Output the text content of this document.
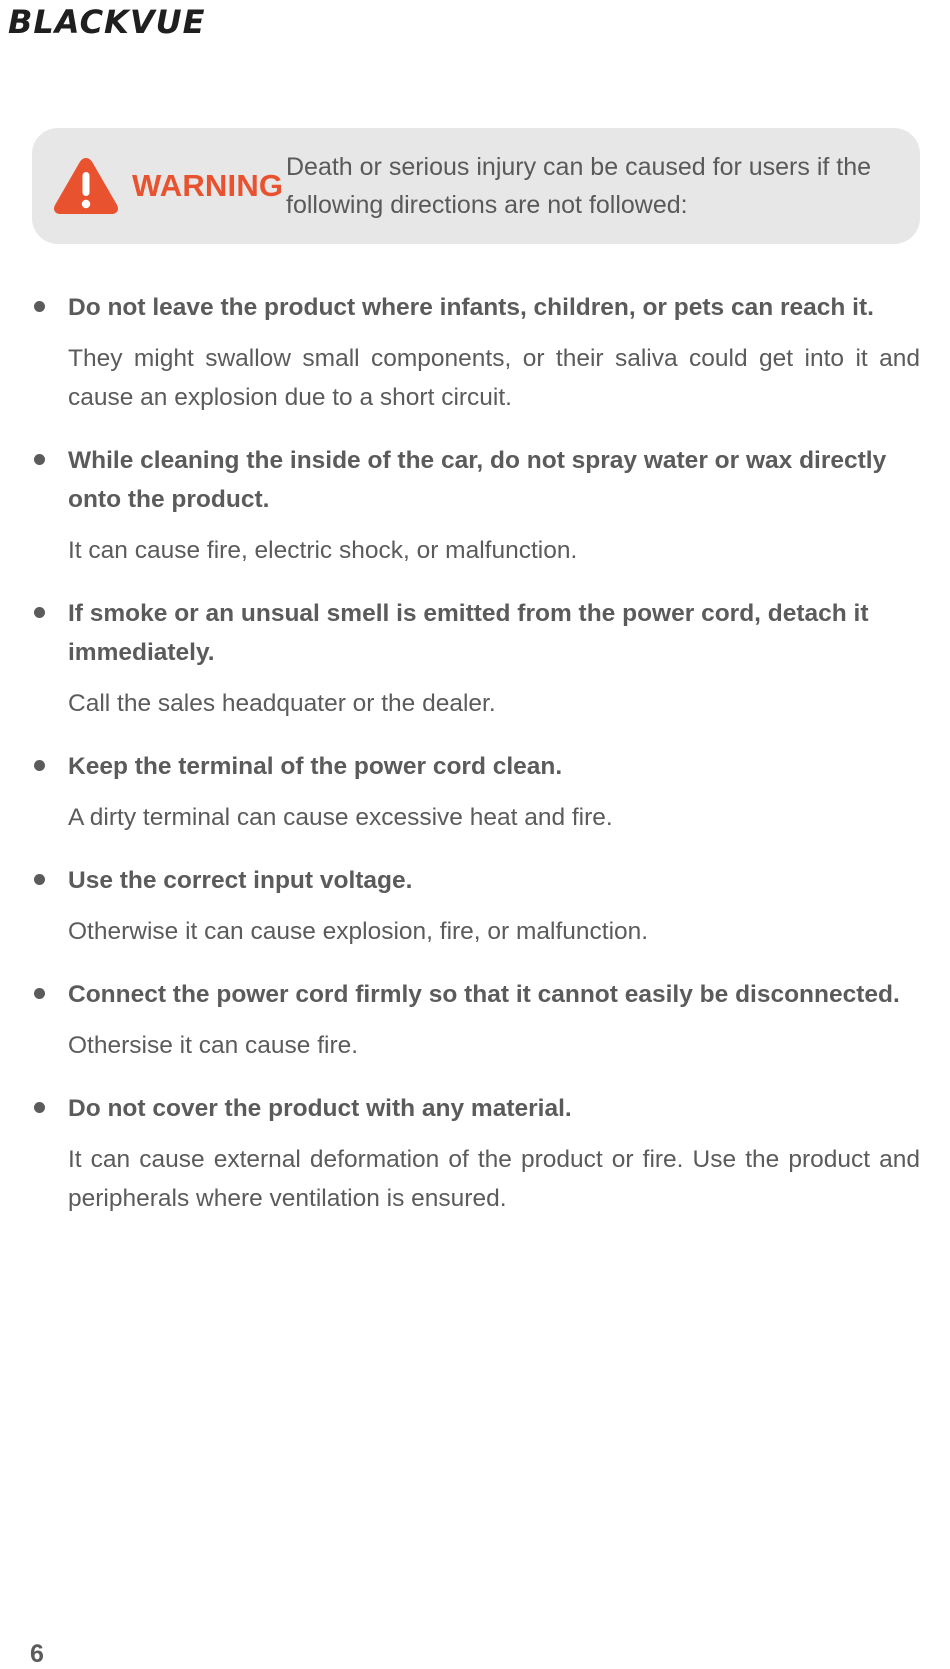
BLACKVUE
WARNING
Death or serious injury can be caused for users if the following directions are not followed:

Do not leave the product where infants, children, or pets can reach it.

They might swallow small components, or their saliva could get into it and cause an explosion due to a short circuit.

While cleaning the inside of the car, do not spray water or wax directly onto the product.

It can cause fire, electric shock, or malfunction.

If smoke or an unsual smell is emitted from the power cord, detach it immediately.

Call the sales headquater or the dealer.

Keep the terminal of the power cord clean.

A dirty terminal can cause excessive heat and fire.

Use the correct input voltage.

Otherwise it can cause explosion, fire, or malfunction.

Connect the power cord firmly so that it cannot easily be disconnected.

Othersise it can cause fire.

Do not cover the product with any material.

It can cause external deformation of the product or fire. Use the product and peripherals where ventilation is ensured.

6
